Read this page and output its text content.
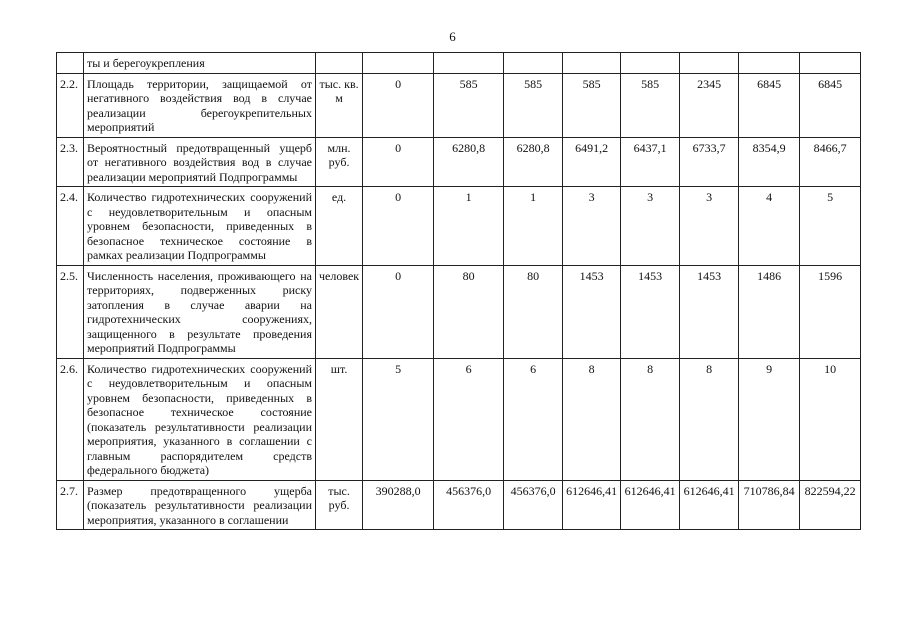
6
	ты и берегоукрепления									
2.2.	Площадь территории, защищаемой от негативного воздействия вод в случае реализации берегоукрепительных мероприятий	тыс. кв. м	0	585	585	585	585	2345	6845	6845
2.3.	Вероятностный предотвращенный ущерб от негативного воздействия вод в случае реализации мероприятий Подпрограммы	млн. руб.	0	6280,8	6280,8	6491,2	6437,1	6733,7	8354,9	8466,7
2.4.	Количество гидротехнических сооружений с неудовлетворительным и опасным уровнем безопасности, приведенных в безопасное техническое состояние в рамках реализации Подпрограммы	ед.	0	1	1	3	3	3	4	5
2.5.	Численность населения, проживающего на территориях, подверженных риску затопления в случае аварии на гидротехнических сооружениях, защищенного в результате проведения мероприятий Подпрограммы	человек	0	80	80	1453	1453	1453	1486	1596
2.6.	Количество гидротехнических сооружений с неудовлетворительным и опасным уровнем безопасности, приведенных в безопасное техническое состояние (показатель результативности реализации мероприятия, указанного в соглашении с главным распорядителем средств федерального бюджета)	шт.	5	6	6	8	8	8	9	10
2.7.	Размер предотвращенного ущерба (показатель результативности реализации мероприятия, указанного в соглашении	тыс. руб.	390288,0	456376,0	456376,0	612646,41	612646,41	612646,41	710786,84	822594,22
